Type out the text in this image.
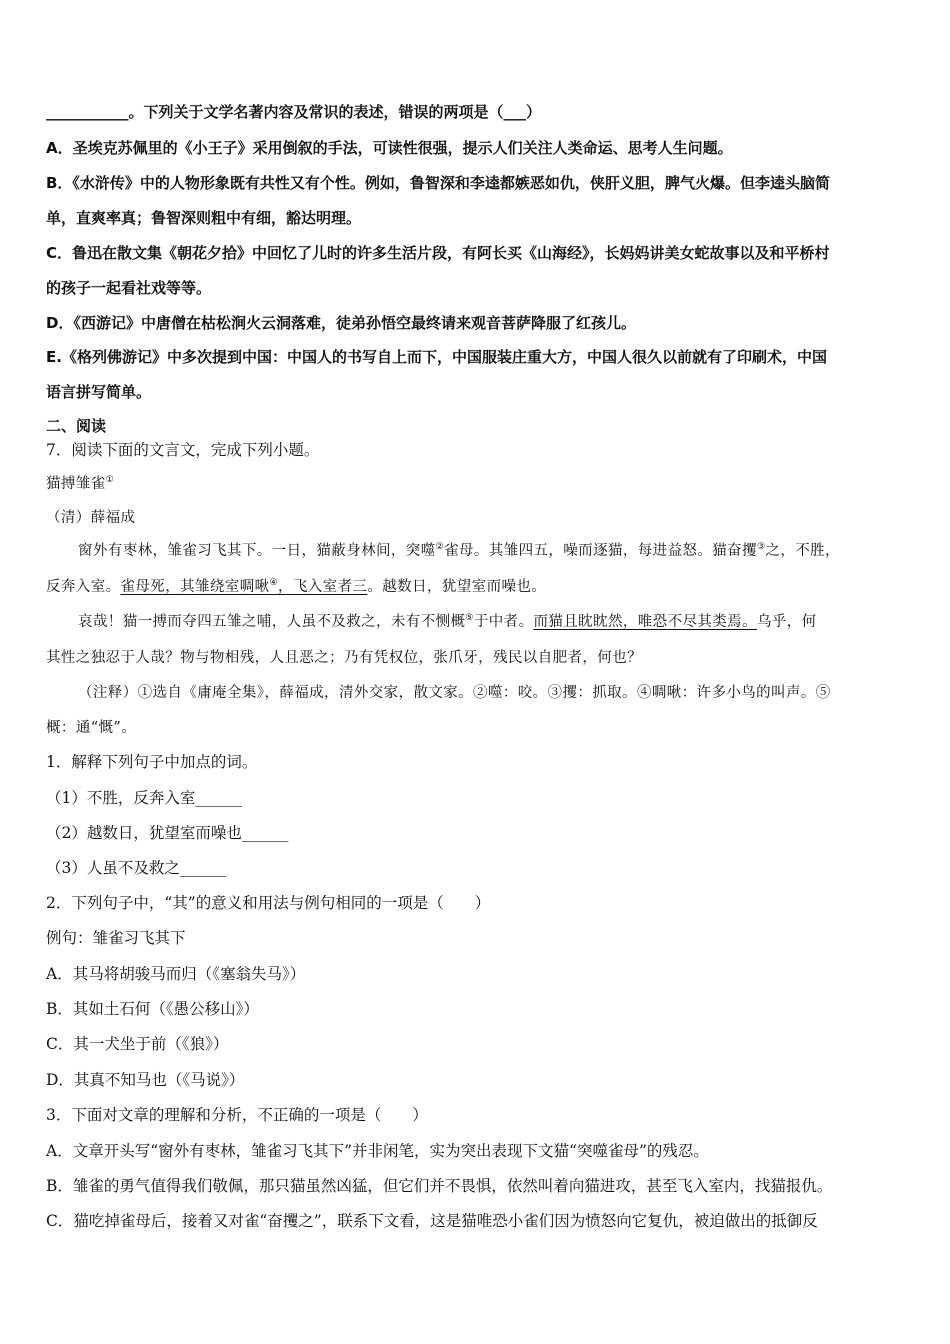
___________。下列关于文学名著内容及常识的表述，错误的两项是（___）
A．圣埃克苏佩里的《小王子》采用倒叙的手法，可读性很强，提示人们关注人类命运、思考人生问题。
B．《水浒传》中的人物形象既有共性又有个性。例如，鲁智深和李逵都嫉恶如仇，侠肝义胆，脾气火爆。但李逵头脑简
单，直爽率真；鲁智深则粗中有细，豁达明理。
C．鲁迅在散文集《朝花夕拾》中回忆了儿时的许多生活片段，有阿长买《山海经》，长妈妈讲美女蛇故事以及和平桥村
的孩子一起看社戏等等。
D．《西游记》中唐僧在枯松涧火云洞落难，徒弟孙悟空最终请来观音菩萨降服了红孩儿。
E.《格列佛游记》中多次提到中国：中国人的书写自上而下，中国服装庄重大方，中国人很久以前就有了印刷术，中国
语言拼写简单。
二、阅读
7．阅读下面的文言文，完成下列小题。
猫搏雏雀①
（清）薛福成
窗外有枣林，雏雀习飞其下。一日，猫蔽身林间，突噬②雀母。其雏四五，噪而逐猫，每进益怒。猫奋攫③之，不胜，
反奔入室。雀母死，其雏绕室啁啾④，飞入室者三。越数日，犹望室而噪也。
哀哉！猫一搏而夺四五雏之哺，人虽不及救之，未有不恻概⑤于中者。而猫且眈眈然，唯恐不尽其类焉。乌乎，何
其性之独忍于人哉？物与物相残，人且恶之；乃有凭权位，张爪牙，残民以自肥者，何也？
（注释）①选自《庸庵全集》，薛福成，清外交家，散文家。②噬：咬。③攫：抓取。④啁啾：许多小鸟的叫声。⑤
概：通“慨”。
1．解释下列句子中加点的词。
（1）不胜，反奔入室______
（2）越数日，犹望室而噪也______
（3）人虽不及救之______
2．下列句子中，“其”的意义和用法与例句相同的一项是（　　）
例句：雏雀习飞其下
A．其马将胡骏马而归（《塞翁失马》）
B．其如土石何（《愚公移山》）
C．其一犬坐于前（《狼》）
D．其真不知马也（《马说》）
3．下面对文章的理解和分析，不正确的一项是（　　）
A．文章开头写“窗外有枣林，雏雀习飞其下”并非闲笔，实为突出表现下文猫“突噬雀母”的残忍。
B．雏雀的勇气值得我们敬佩，那只猫虽然凶猛，但它们并不畏惧，依然叫着向猫进攻，甚至飞入室内，找猫报仇。
C．猫吃掉雀母后，接着又对雀“奋攫之”，联系下文看，这是猫唯恐小雀们因为愤怒向它复仇，被迫做出的抵御反
